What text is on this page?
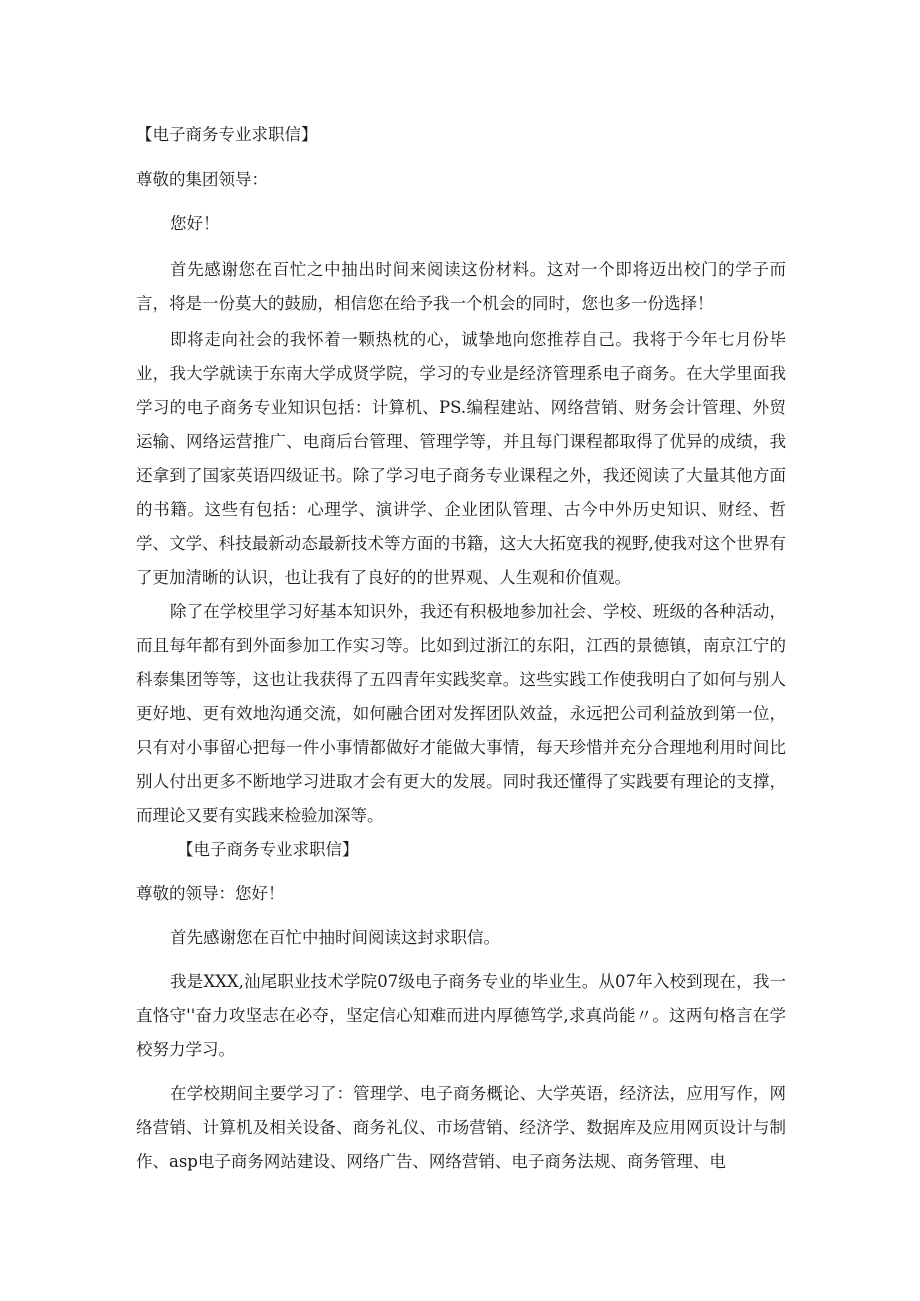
【电子商务专业求职信】

尊敬的集团领导：

您好！

首先感谢您在百忙之中抽出时间来阅读这份材料。这对一个即将迈出校门的学子而言，将是一份莫大的鼓励，相信您在给予我一个机会的同时，您也多一份选择！

即将走向社会的我怀着一颗热枕的心，诚挚地向您推荐自己。我将于今年七月份毕业，我大学就读于东南大学成贤学院，学习的专业是经济管理系电子商务。在大学里面我学习的电子商务专业知识包括：计算机、PS.编程建站、网络营销、财务会计管理、外贸运输、网络运营推广、电商后台管理、管理学等，并且每门课程都取得了优异的成绩，我还拿到了国家英语四级证书。除了学习电子商务专业课程之外，我还阅读了大量其他方面的书籍。这些有包括：心理学、演讲学、企业团队管理、古今中外历史知识、财经、哲学、文学、科技最新动态最新技术等方面的书籍，这大大拓宽我的视野,使我对这个世界有了更加清晰的认识，也让我有了良好的的世界观、人生观和价值观。

除了在学校里学习好基本知识外，我还有积极地参加社会、学校、班级的各种活动，而且每年都有到外面参加工作实习等。比如到过浙江的东阳，江西的景德镇，南京江宁的科泰集团等等，这也让我获得了五四青年实践奖章。这些实践工作使我明白了如何与别人更好地、更有效地沟通交流，如何融合团对发挥团队效益，永远把公司利益放到第一位，只有对小事留心把每一件小事情都做好才能做大事情，每天珍惜并充分合理地利用时间比别人付出更多不断地学习进取才会有更大的发展。同时我还懂得了实践要有理论的支撑，而理论又要有实践来检验加深等。

【电子商务专业求职信】

尊敬的领导：您好！

首先感谢您在百忙中抽时间阅读这封求职信。

我是XXX,汕尾职业技术学院07级电子商务专业的毕业生。从07年入校到现在，我一直恪守''奋力攻坚志在必夺，坚定信心知难而进内厚德笃学,求真尚能〃。这两句格言在学校努力学习。

在学校期间主要学习了：管理学、电子商务概论、大学英语，经济法，应用写作，网络营销、计算机及相关设备、商务礼仪、市场营销、经济学、数据库及应用网页设计与制作、asp电子商务网站建设、网络广告、网络营销、电子商务法规、商务管理、电
